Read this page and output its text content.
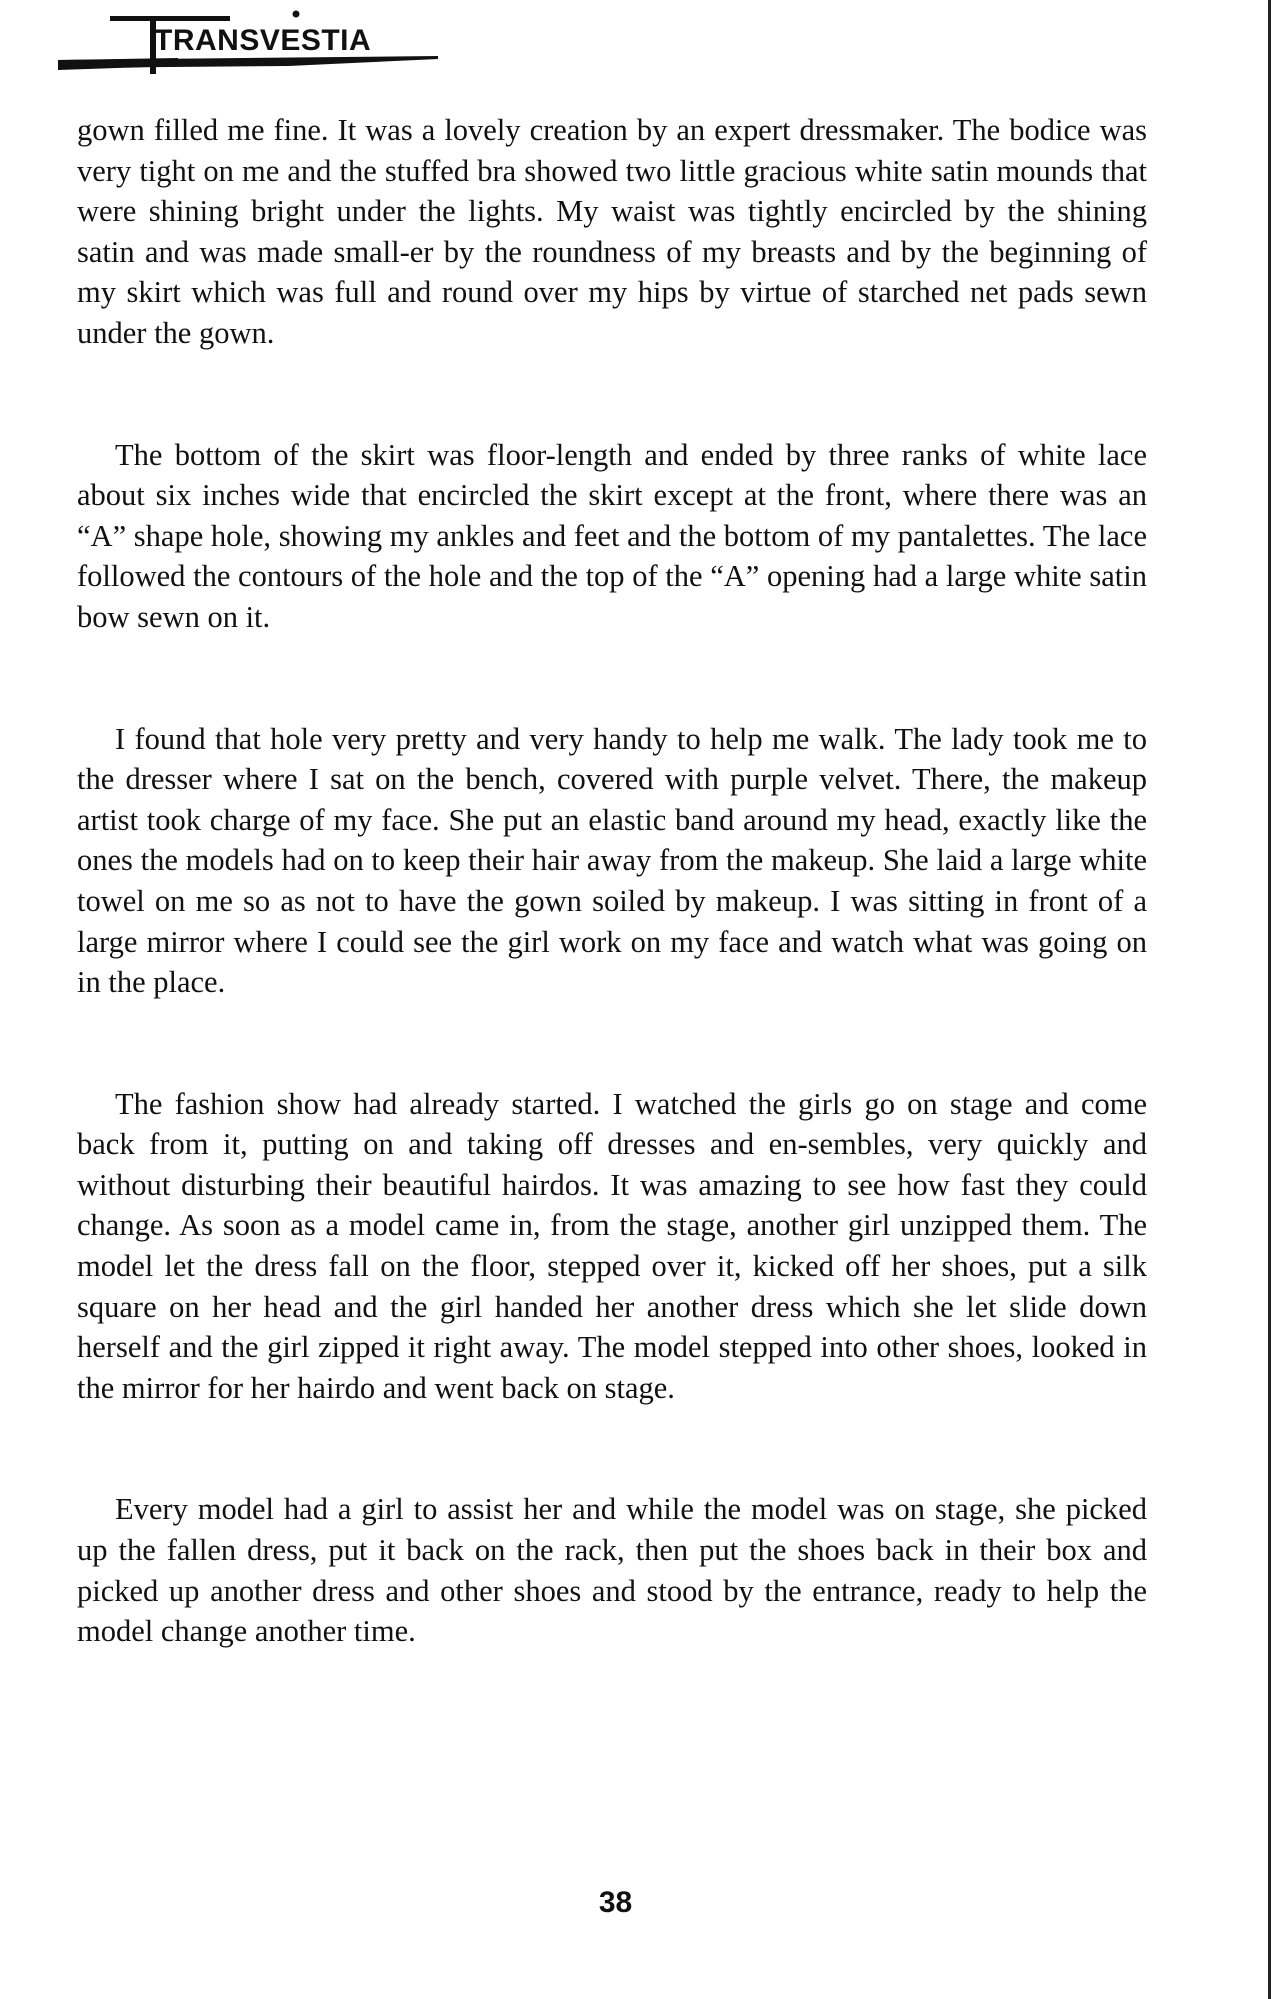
TRANSVESTIA

gown filled me fine. It was a lovely creation by an expert dressmaker. The bodice was very tight on me and the stuffed bra showed two little gracious white satin mounds that were shining bright under the lights. My waist was tightly encircled by the shining satin and was made small-er by the roundness of my breasts and by the beginning of my skirt which was full and round over my hips by virtue of starched net pads sewn under the gown.

The bottom of the skirt was floor-length and ended by three ranks of white lace about six inches wide that encircled the skirt except at the front, where there was an “A” shape hole, showing my ankles and feet and the bottom of my pantalettes. The lace followed the contours of the hole and the top of the “A” opening had a large white satin bow sewn on it.

I found that hole very pretty and very handy to help me walk. The lady took me to the dresser where I sat on the bench, covered with purple velvet. There, the makeup artist took charge of my face. She put an elastic band around my head, exactly like the ones the models had on to keep their hair away from the makeup. She laid a large white towel on me so as not to have the gown soiled by makeup. I was sitting in front of a large mirror where I could see the girl work on my face and watch what was going on in the place.

The fashion show had already started. I watched the girls go on stage and come back from it, putting on and taking off dresses and en-sembles, very quickly and without disturbing their beautiful hairdos. It was amazing to see how fast they could change. As soon as a model came in, from the stage, another girl unzipped them. The model let the dress fall on the floor, stepped over it, kicked off her shoes, put a silk square on her head and the girl handed her another dress which she let slide down herself and the girl zipped it right away. The model stepped into other shoes, looked in the mirror for her hairdo and went back on stage.

Every model had a girl to assist her and while the model was on stage, she picked up the fallen dress, put it back on the rack, then put the shoes back in their box and picked up another dress and other shoes and stood by the entrance, ready to help the model change another time.

38
